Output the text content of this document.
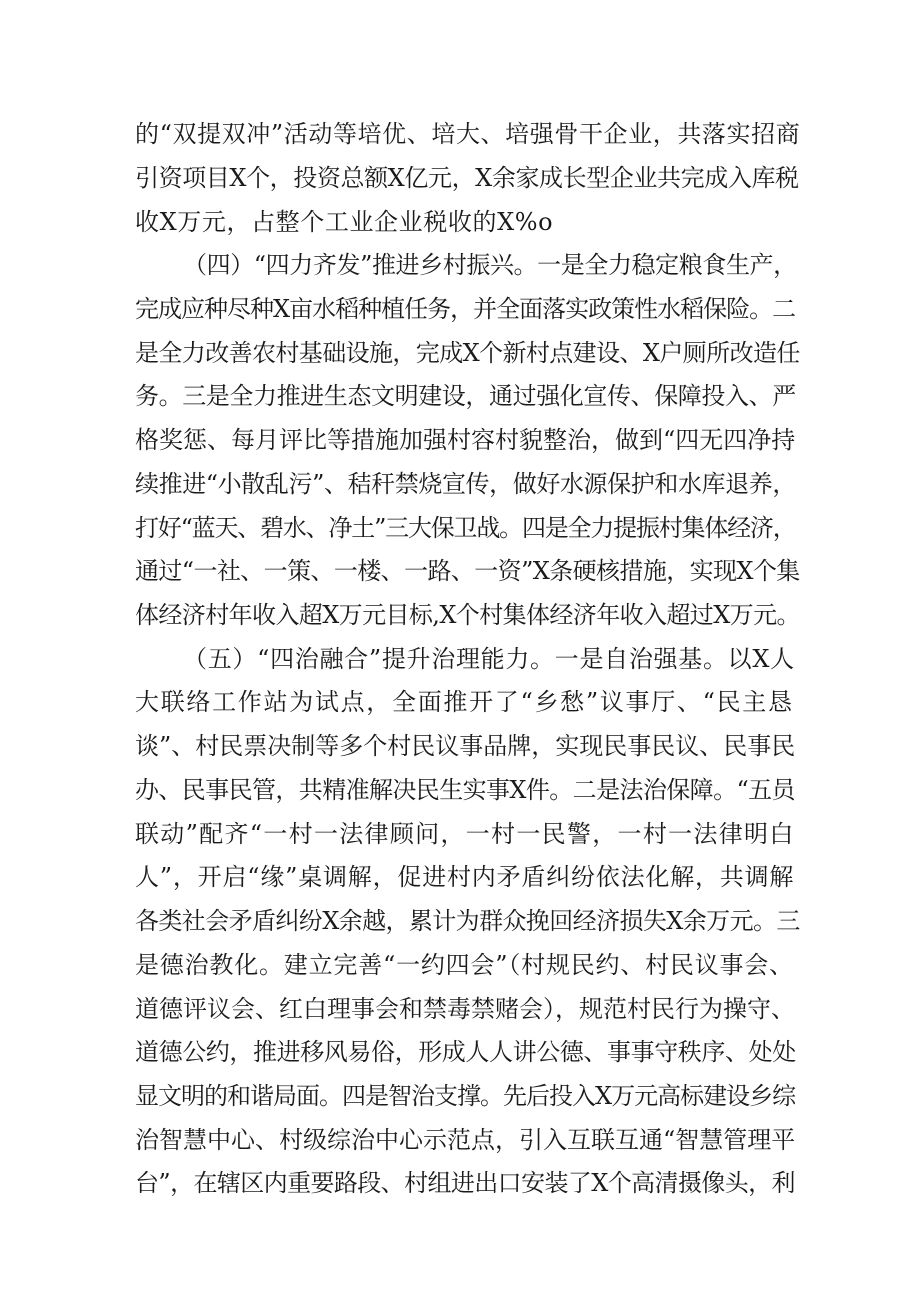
的“双提双冲”活动等培优、培大、培强骨干企业，共落实招商
引资项目X个，投资总额X亿元，X余家成长型企业共完成入库税
收X万元，占整个工业企业税收的X%o
（四）“四力齐发”推进乡村振兴。一是全力稳定粮食生产，
完成应种尽种X亩水稻种植任务，并全面落实政策性水稻保险。二
是全力改善农村基础设施，完成X个新村点建设、X户厕所改造任
务。三是全力推进生态文明建设，通过强化宣传、保障投入、严
格奖惩、每月评比等措施加强村容村貌整治，做到“四无四净持
续推进“小散乱污”、秸秆禁烧宣传，做好水源保护和水库退养，
打好“蓝天、碧水、净土”三大保卫战。四是全力提振村集体经济，
通过“一社、一策、一楼、一路、一资”X条硬核措施，实现X个集
体经济村年收入超X万元目标,X个村集体经济年收入超过X万元。
（五）“四治融合”提升治理能力。一是自治强基。以X人
大联络工作站为试点，全面推开了“乡愁”议事厅、“民主恳
谈”、村民票决制等多个村民议事品牌，实现民事民议、民事民
办、民事民管，共精准解决民生实事X件。二是法治保障。“五员
联动”配齐“一村一法律顾问，一村一民警，一村一法律明白
人”，开启“缘”桌调解，促进村内矛盾纠纷依法化解，共调解
各类社会矛盾纠纷X余越，累计为群众挽回经济损失X余万元。三
是德治教化。建立完善“一约四会”（村规民约、村民议事会、
道德评议会、红白理事会和禁毒禁赌会），规范村民行为操守、
道德公约，推进移风易俗，形成人人讲公德、事事守秩序、处处
显文明的和谐局面。四是智治支撑。先后投入X万元高标建设乡综
治智慧中心、村级综治中心示范点，引入互联互通“智慧管理平
台”，在辖区内重要路段、村组进出口安装了X个高清摄像头，利
